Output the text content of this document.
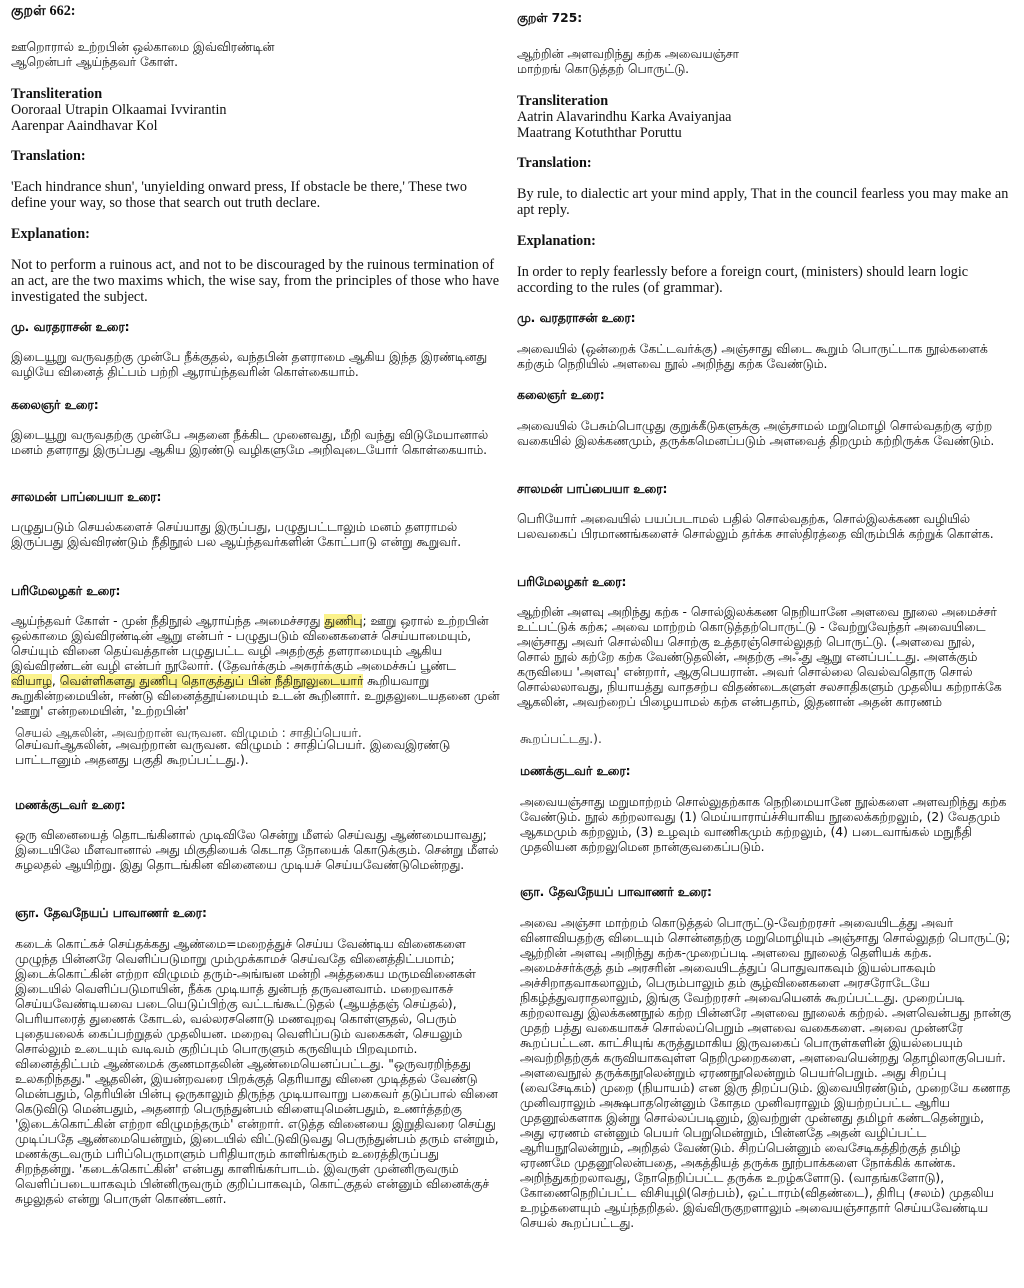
குறள் 662:
ஊறொரால் உற்றபின் ஒல்காமை இவ்விரண்டின்
ஆறென்பர் ஆய்ந்தவர் கோள்.
Transliteration
Oororaal Utrapin Olkaamai Ivvirantin
Aarenpar Aaindhavar Kol
Translation:
'Each hindrance shun', 'unyielding onward press, If obstacle be there,' These two define your way, so those that search out truth declare.
Explanation:
Not to perform a ruinous act, and not to be discouraged by the ruinous termination of an act, are the two maxims which, the wise say, from the principles of those who have investigated the subject.
மு. வரதராசன் உரை:
இடையூறு வருவதற்கு முன்பே நீக்குதல், வந்தபின் தளராமை ஆகிய இந்த இரண்டினது வழியே வினைத் திட்பம் பற்றி ஆராய்ந்தவரின் கொள்கையாம்.
கலைஞர் உரை:
இடையூறு வருவதற்கு முன்பே அதனை நீக்கிட முனைவது, மீறி வந்து விடுமேயானால் மனம் தளராது இருப்பது ஆகிய இரண்டு வழிகளுமே அறிவுடையோர் கொள்கையாம்.
சாலமன் பாப்பையா உரை:
பழுதுபடும் செயல்களைச் செய்யாது இருப்பது, பழுதுபட்டாலும் மனம் தளராமல் இருப்பது இவ்விரண்டும் நீதிநூல் பல ஆய்ந்தவர்களின் கோட்பாடு என்று கூறுவர்.
பரிமேலழகர் உரை:
ஆய்ந்தவர் கோள் - முன் நீதிநூல் ஆராய்ந்த அமைச்சரது துணிபு; ஊறு ஒரால் உற்றபின் ஒல்காமை இவ்விரண்டின் ஆறு என்பர் - பழுதுபடும் வினைகளைச் செய்யாமையும், செய்யும் வினை தெய்வத்தான் பழுதுபட்ட வழி அதற்குத் தளராமையும் ஆகிய இவ்விரண்டன் வழி என்பர் நூலோர். (தேவர்க்கும் அசுரர்க்கும் அமைச்சுப் பூண்ட வியாழ, வெள்ளிகளது துணிபு தொகுத்துப் பின் நீதிநூலுடையார் கூறியவாறு கூறுகின்றமையின், ஈண்டு வினைத்தூய்மையும் உடன் கூறினார். உறுதலுடையதனை முன் 'ஊறு' என்றமையின், 'உற்றபின்'
செயல் ஆகலின், அவற்றான் வருவன. விழுமம் : சாதிப்பெயர்.
செய்வர்ஆகலின், அவற்றான் வருவன. விழுமம் : சாதிப்பெயர். இவைஇரண்டு பாட்டானும் அதனது பகுதி கூறப்பட்டது.).
மணக்குடவர் உரை:
ஒரு வினையைத் தொடங்கினால் முடிவிலே சென்று மீளல் செய்வது ஆண்மையாவது; இடையிலே மீளவானால் அது மிகுதியைக் கெடாத நோயைக் கொடுக்கும். சென்று மீளல் சுழலதல் ஆயிற்று. இது தொடங்கின வினையை முடியச் செய்யவேண்டுமென்றது.
ஞா. தேவநேயப் பாவாணர் உரை:
கடைக் கொட்கச் செய்தக்கது ஆண்மை=மறைத்துச் செய்ய வேண்டிய வினைகளை முழுந்த பின்னரே வெளிப்படுமாறு மும்முக்காமச் செய்வதே வினைத்திட்பமாம்; இடைக்கொட்கின் எற்றா விழுமம் தரும்-அங்ஙன மன்றி அத்தகைய மருமவினைகள் இடையில் வெளிப்படுமாயின், நீக்க முடியாத் துன்பந் தருவனவாம். மறைவாகச் செய்யவேண்டியவை படையெடுப்பிற்கு வட்டங்கூட்டுதல் (ஆயத்தஞ் செய்தல்), பெரியாரைத் துணைக் கோடல், வல்லரசனொடு மணவுறவு கொள்ளுதல், பெரும் புதையலைக் கைப்பற்றுதல் முதலியன. மறைவு வெளிப்படும் வகைகள், செயலும் சொல்லும் உடையும் வடிவம் குறிப்பும் பொருளும் கருவியும் பிறவுமாம். வினைத்திட்பம் ஆண்மைக் குணமாதலின் ஆண்மையெனப்பட்டது. "ஒருவரறிந்தது உலகறிந்தது." ஆதலின், இயன்றவரை பிறக்குத் தெரியாது வினை முடித்தல் வேண்டு மென்பதும், தெரியின் பின்பு ஒருகாலும் திருந்த முடியாவாறு பகைவர் தடுப்பால் வினை கெடுவிடு மென்பதும், அதனாற் பெருந்துன்பம் விளையுமென்பதும், உணர்த்தற்கு 'இடைக்கொட்கின் எற்றா விழுமந்தரும்' என்றார். எடுத்த வினையை இறுதிவரை செய்து முடிப்பதே ஆண்மையென்றும், இடையில் விட்டுவிடுவது பெருந்துன்பம் தரும் என்றும், மணக்குடவரும் பரிப்பெருமாளும் பரிதியாரும் காளிங்கரும் உரைத்திருப்பது சிறந்தன்று. 'கடைக்கொட்கின்' என்பது காளிங்கர்பாடம். இவருள் முன்னிருவரும் வெளிப்படையாகவும் பின்னிருவரும் குறிப்பாகவும், கொட்குதல் என்னும் வினைக்குச் சுழலுதல் என்று பொருள் கொண்டனர்.
குறள் 725:
ஆற்றின் அளவறிந்து கற்க அவையஞ்சா
மாற்றங் கொடுத்தற் பொருட்டு.
Transliteration
Aatrin Alavarindhu Karka Avaiyanjaa
Maatrang Kotuththar Poruttu
Translation:
By rule, to dialectic art your mind apply, That in the council fearless you may make an apt reply.
Explanation:
In order to reply fearlessly before a foreign court, (ministers) should learn logic according to the rules (of grammar).
மு. வரதராசன் உரை:
அவையில் (ஒன்றைக் கேட்டவர்க்கு) அஞ்சாது விடை கூறும் பொருட்டாக நூல்களைக் கற்கும் நெறியில் அளவை நூல் அறிந்து கற்க வேண்டும்.
கலைஞர் உரை:
அவையில் பேசும்பொழுது குறுக்கீடுகளுக்கு அஞ்சாமல் மறுமொழி சொல்வதற்கு ஏற்ற வகையில் இலக்கணமும், தருக்கமெனப்படும் அளவைத் திறமும் கற்றிருக்க வேண்டும்.
சாலமன் பாப்பையா உரை:
பெரியோர் அவையில் பயப்படாமல் பதில் சொல்வதற்க, சொல்இலக்கண வழியில் பலவகைப் பிரமாணங்களைச் சொல்லும் தர்க்க சாஸ்திரத்தை விரும்பிக் கற்றுக் கொள்க.
பரிமேலழகர் உரை:
ஆற்றின் அளவு அறிந்து கற்க - சொல்இலக்கண நெறியானே அளவை நூலை அமைச்சர் உட்பட்டுக் கற்க; அவை மாற்றம் கொடுத்தற்பொருட்டு - வேற்றுவேந்தர் அவையிடை அஞ்சாது அவர் சொல்லிய சொற்கு உத்தரஞ்சொல்லுதற் பொருட்டு. (அளவை நூல், சொல் நூல் கற்றே கற்க வேண்டுதலின், அதற்கு அஃது ஆறு எனப்பட்டது. அளக்கும் கருவியை 'அளவு' என்றார், ஆகுபெயரான். அவர் சொல்லை வெல்வதொரு சொல் சொல்லலாவது, நியாயத்து வாதசற்ப விதண்டைகளுள் சலசாதிகளும் முதலிய கற்றாக்கே ஆகலின், அவற்றைப் பிழையாமல் கற்க என்பதாம், இதனான் அதன் காரணம்
கூறப்பட்டது.).
மணக்குடவர் உரை:
அவையஞ்சாது மறுமாற்றம் சொல்லுதற்காக நெறிமையானே நூல்களை அளவறிந்து கற்க வேண்டும். நூல் கற்றலாவது (1) மெய்யாராய்ச்சியாகிய நூலைக்கற்றலும், (2) வேதமும் ஆகமமும் கற்றலும், (3) உழவும் வாணிகமும் கற்றலும், (4) படைவாங்கல் மநுநீதி முதலியன கற்றலுமென நான்குவகைப்படும்.
ஞா. தேவநேயப் பாவாணர் உரை:
அவை அஞ்சா மாற்றம் கொடுத்தல் பொருட்டு-வேற்றரசர் அவையிடத்து அவர் வினாவியதற்கு விடையும் சொன்னதற்கு மறுமொழியும் அஞ்சாது சொல்லுதற் பொருட்டு; ஆற்றின் அளவு அறிந்து கற்க-முறைப்படி அளவை நூலைத் தெளியக் கற்க. அமைச்சர்க்குத் தம் அரசரின் அவையிடத்துப் பொதுவாகவும் இயல்பாகவும் அச்சிறாதவாகலாலும், பெரும்பாலும் தம் சூழ்வினைகளை அரசரோடேயே நிகழ்த்துவராதலாலும், இங்கு வேற்றரசர் அவையெனக் கூறப்பட்டது. முறைப்படி கற்றலாவது இலக்கணநூல் கற்ற பின்னரே அளவை நூலைக் கற்றல். அளவென்பது நான்கு முதற் பத்து வகையாகச் சொல்லப்பெறும் அளவை வகைகளை. அவை முன்னரே கூறப்பட்டன. காட்சியுங் கருத்துமாகிய இருவகைப் பொருள்களின் இயல்பையும் அவற்றிதற்குக் கருவியாகவுள்ள நெறிமுறைகளை, அளவையென்றது தொழிலாகுபெயர். அளவைநூல் தருக்கநூலென்றும் ஏரணநூலென்றும் பெயர்பெறும். அது சிறப்பு (வைசேடிகம்) முறை (நியாயம்) என இரு திறப்படும். இவையிரண்டும், முறையே கணாத முனிவராலும் அக்ஷபாதரென்னும் கோதம முனிவராலும் இயற்றப்பட்ட ஆரிய முதனூல்களாக இன்று சொல்லப்படினும், இவற்றுள் முன்னது தமிழர் கண்டதென்றும், அது ஏரணம் என்னும் பெயர் பெறுமென்றும், பின்னதே அதன் வழிப்பட்ட ஆரியநூலென்றும், அறிதல் வேண்டும். சிறப்பென்னும் வைசேடிகத்திற்குத் தமிழ் ஏரணமே முதனூலென்பதை, அகத்தியத் தருக்க நூற்பாக்களை நோக்கிக் காண்க. அறிந்துகற்றலாவது, நோநெறிப்பட்ட தருக்க உறழ்களோடு. (வாதங்களோடு), கோணைநெறிப்பட்ட விசியுழி(செற்பம்), ஒட்டாரம்(விதண்டை), திரிபு (சலம்) முதலிய உறழ்களையும் ஆய்ந்தறிதல். இவ்விருகுறளாலும் அவையஞ்சாதார் செய்யவேண்டிய செயல் கூறப்பட்டது.
